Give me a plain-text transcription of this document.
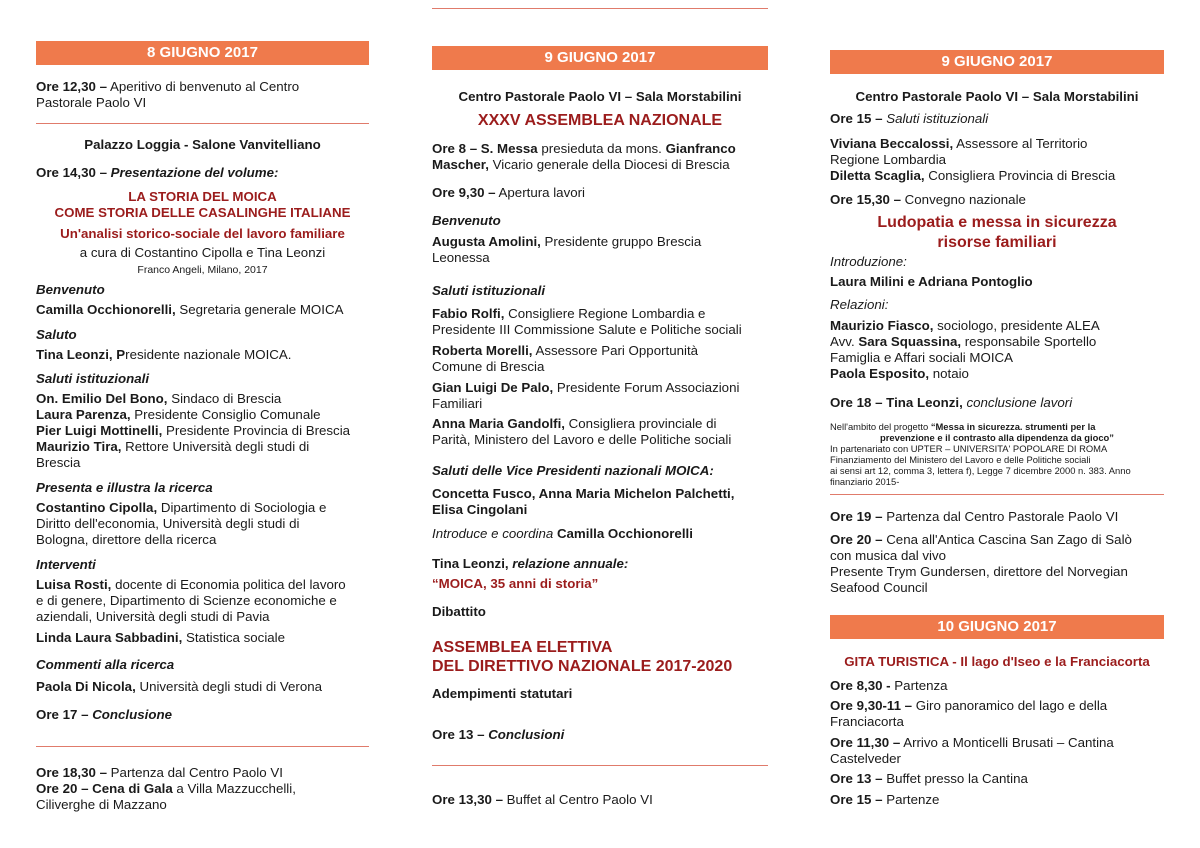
8 GIUGNO 2017
Ore 12,30 – Aperitivo di benvenuto al Centro
Pastorale Paolo VI
Palazzo Loggia - Salone Vanvitelliano
Ore 14,30 – Presentazione del volume:
LA STORIA DEL MOICA
COME STORIA DELLE CASALINGHE ITALIANE
Un'analisi storico-sociale del lavoro familiare
a cura di Costantino Cipolla e Tina Leonzi
Franco Angeli, Milano, 2017
Benvenuto
Camilla Occhionorelli, Segretaria generale MOICA
Saluto
Tina Leonzi, Presidente nazionale MOICA.
Saluti istituzionali
On. Emilio Del Bono, Sindaco di Brescia
Laura Parenza, Presidente Consiglio Comunale
Pier Luigi Mottinelli, Presidente Provincia di Brescia
Maurizio Tira, Rettore Università degli studi di
Brescia
Presenta e illustra la ricerca
Costantino Cipolla, Dipartimento di Sociologia e
Diritto dell'economia, Università degli studi di
Bologna, direttore della ricerca
Interventi
Luisa Rosti, docente di Economia politica del lavoro
e di genere, Dipartimento di Scienze economiche e
aziendali, Università degli studi di Pavia
Linda Laura Sabbadini, Statistica sociale
Commenti alla ricerca
Paola Di Nicola, Università degli studi di Verona
Ore 17 – Conclusione
Ore 18,30 – Partenza dal Centro Paolo VI
Ore 20 – Cena di Gala a Villa Mazzucchelli,
Ciliverghe di Mazzano
9 GIUGNO 2017
Centro Pastorale Paolo VI – Sala Morstabilini
XXXV ASSEMBLEA NAZIONALE
Ore 8 – S. Messa presieduta da mons. Gianfranco
Mascher, Vicario generale della Diocesi di Brescia
Ore 9,30 – Apertura lavori
Benvenuto
Augusta Amolini, Presidente gruppo Brescia
Leonessa
Saluti istituzionali
Fabio Rolfi, Consigliere Regione Lombardia e
Presidente III Commissione Salute e Politiche sociali
Roberta Morelli, Assessore Pari Opportunità
Comune di Brescia
Gian Luigi De Palo, Presidente Forum Associazioni
Familiari
Anna Maria Gandolfi, Consigliera provinciale di
Parità, Ministero del Lavoro e delle Politiche sociali
Saluti delle Vice Presidenti nazionali MOICA:
Concetta Fusco, Anna Maria Michelon Palchetti,
Elisa Cingolani
Introduce e coordina Camilla Occhionorelli
Tina Leonzi, relazione annuale:
“MOICA, 35 anni di storia”
Dibattito
ASSEMBLEA ELETTIVA
DEL DIRETTIVO NAZIONALE 2017-2020
Adempimenti statutari
Ore 13 – Conclusioni
Ore 13,30 – Buffet al Centro Paolo VI
9 GIUGNO 2017
Centro Pastorale Paolo VI – Sala Morstabilini
Ore 15 – Saluti istituzionali
Viviana Beccalossi, Assessore al Territorio
Regione Lombardia
Diletta Scaglia, Consigliera Provincia di Brescia
Ore 15,30 – Convegno nazionale
Ludopatia e messa in sicurezza
risorse familiari
Introduzione:
Laura Milini e Adriana Pontoglio
Relazioni:
Maurizio Fiasco, sociologo, presidente ALEA
Avv. Sara Squassina, responsabile Sportello
Famiglia e Affari sociali MOICA
Paola Esposito, notaio
Ore 18 – Tina Leonzi, conclusione lavori
Nell'ambito del progetto “Messa in sicurezza. strumenti per la
prevenzione e il contrasto alla dipendenza da gioco”
In partenariato con UPTER – UNIVERSITA' POPOLARE DI ROMA
Finanziamento del Ministero del Lavoro e delle Politiche sociali
ai sensi art 12, comma 3, lettera f), Legge 7 dicembre 2000 n. 383. Anno
finanziario 2015-
Ore 19 – Partenza dal Centro Pastorale Paolo VI
Ore 20 – Cena all'Antica Cascina San Zago di Salò
con musica dal vivo
Presente Trym Gundersen, direttore del Norvegian
Seafood Council
10 GIUGNO 2017
GITA TURISTICA - Il lago d'Iseo e la Franciacorta
Ore 8,30 - Partenza
Ore 9,30-11 – Giro panoramico del lago e della
Franciacorta
Ore 11,30 – Arrivo a Monticelli Brusati – Cantina
Castelveder
Ore 13 – Buffet presso la Cantina
Ore 15 – Partenze
